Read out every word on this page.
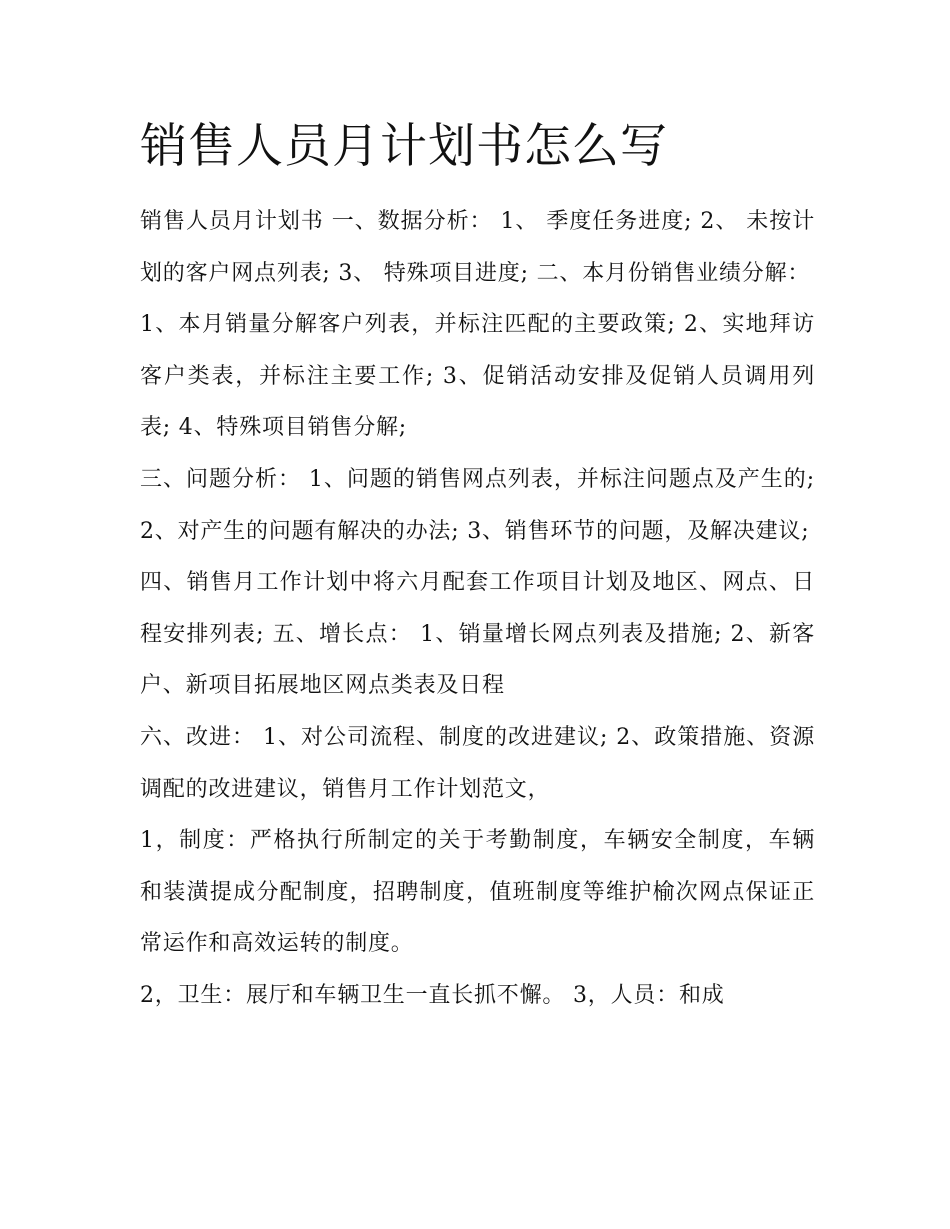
销售人员月计划书怎么写

销售人员月计划书 一、数据分析： 1、 季度任务进度; 2、 未按计划的客户网点列表; 3、 特殊项目进度; 二、本月份销售业绩分解：

1、本月销量分解客户列表，并标注匹配的主要政策; 2、实地拜访客户类表，并标注主要工作; 3、促销活动安排及促销人员调用列表; 4、特殊项目销售分解;

三、问题分析： 1、问题的销售网点列表，并标注问题点及产生的; 2、对产生的问题有解决的办法; 3、销售环节的问题，及解决建议;

四、销售月工作计划中将六月配套工作项目计划及地区、网点、日程安排列表; 五、增长点： 1、销量增长网点列表及措施; 2、新客户、新项目拓展地区网点类表及日程

六、改进： 1、对公司流程、制度的改进建议; 2、政策措施、资源调配的改进建议，销售月工作计划范文，

1，制度：严格执行所制定的关于考勤制度，车辆安全制度，车辆和装潢提成分配制度，招聘制度，值班制度等维护榆次网点保证正常运作和高效运转的制度。

2，卫生：展厅和车辆卫生一直长抓不懈。 3，人员：和成
